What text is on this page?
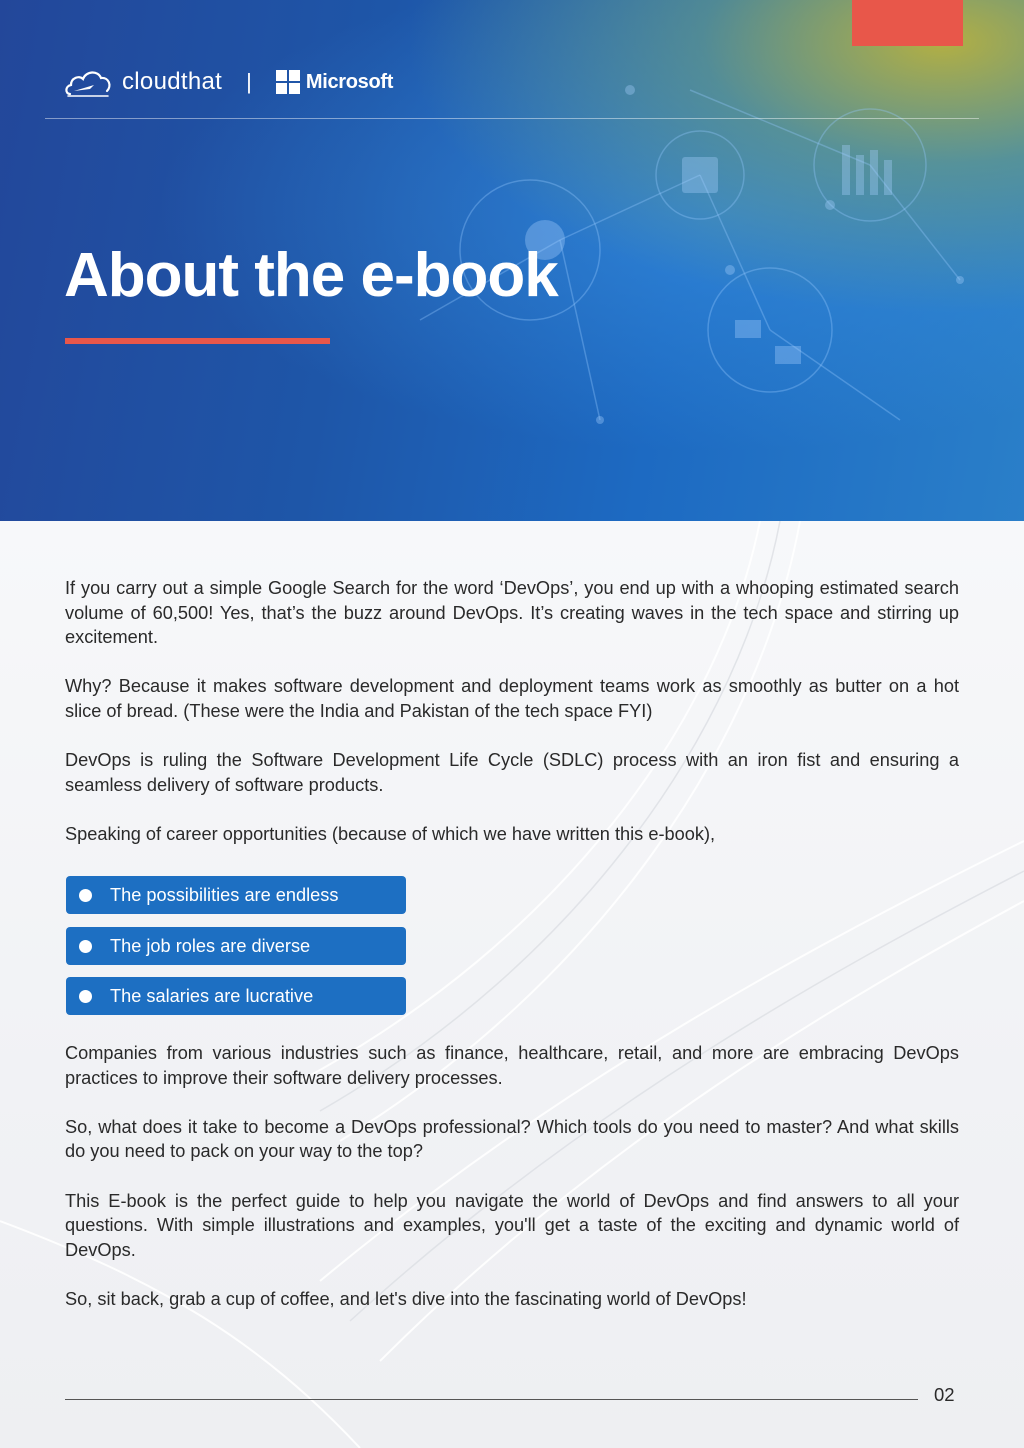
cloudthat |	Microsoft
About the e-book

If you carry out a simple Google Search for the word ‘DevOps’, you end up with a whooping estimated search volume of 60,500! Yes, that’s the buzz around DevOps. It’s creating waves in the tech space and stirring up excitement.

Why? Because it makes software development and deployment teams work as smoothly as butter on a hot slice of bread. (These were the India and Pakistan of the tech space FYI)

DevOps is ruling the Software Development Life Cycle (SDLC) process with an iron fist and ensuring a seamless delivery of software products.

Speaking of career opportunities (because of which we have written this e-book),

The possibilities are endless
The job roles are diverse
The salaries are lucrative

Companies from various industries such as finance, healthcare, retail, and more are embracing DevOps practices to improve their software delivery processes.

So, what does it take to become a DevOps professional? Which tools do you need to master? And what skills do you need to pack on your way to the top?

This E-book is the perfect guide to help you navigate the world of DevOps and find answers to all your questions. With simple illustrations and examples, you'll get a taste of the exciting and dynamic world of DevOps.

So, sit back, grab a cup of coffee, and let's dive into the fascinating world of DevOps!

02
